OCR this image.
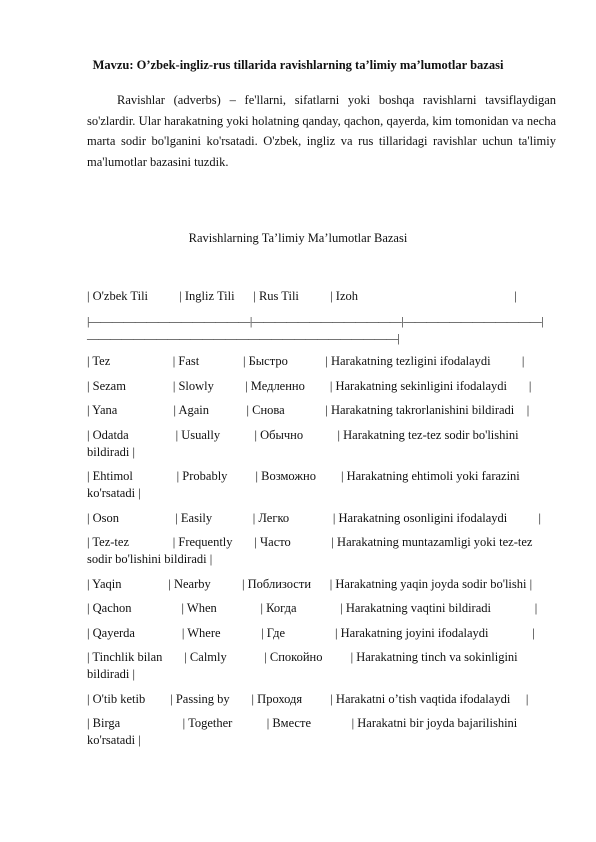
Mavzu: O’zbek-ingliz-rus tillarida ravishlarning ta’limiy ma’lumotlar bazasi

Ravishlar (adverbs) – fe'llarni, sifatlarni yoki boshqa ravishlarni tavsiflaydigan so'zlardir. Ular harakatning yoki holatning qanday, qachon, qayerda, kim tomonidan va necha marta sodir bo'lganini ko'rsatadi. O'zbek, ingliz va rus tillaridagi ravishlar uchun ta'limiy ma'lumotlar bazasini tuzdik.

Ravishlarning Ta’limiy Ma’lumotlar Bazasi
| O'zbek Tili          | Ingliz Tili      | Rus Tili          | Izoh                                                  |
|——————————————|—————————————|————————————|———————————————————————————|
| Tez                    | Fast              | Быстро            | Harakatning tezligini ifodalaydi          |
| Sezam               | Slowly          | Медленно        | Harakatning sekinligini ifodalaydi       |
| Yana                  | Again            | Снова             | Harakatning takrorlanishini bildiradi    |
| Odatda               | Usually           | Обычно           | Harakatning tez-tez sodir bo'lishini bildiradi |
| Ehtimol              | Probably         | Возможно        | Harakatning ehtimoli yoki farazini ko'rsatadi |
| Oson                  | Easily             | Легко              | Harakatning osonligini ifodalaydi          |
| Tez-tez              | Frequently       | Часто             | Harakatning muntazamligi yoki tez-tez sodir bo'lishini bildiradi |
| Yaqin               | Nearby          | Поблизости      | Harakatning yaqin joyda sodir bo'lishi |
| Qachon                | When              | Когда              | Harakatning vaqtini bildiradi              |
| Qayerda               | Where             | Где                | Harakatning joyini ifodalaydi              |
| Tinchlik bilan       | Calmly            | Спокойно         | Harakatning tinch va sokinligini bildiradi |
| O'tib ketib        | Passing by       | Проходя         | Harakatni o’tish vaqtida ifodalaydi     |
| Birga                    | Together           | Вместе             | Harakatni bir joyda bajarilishini ko'rsatadi |
